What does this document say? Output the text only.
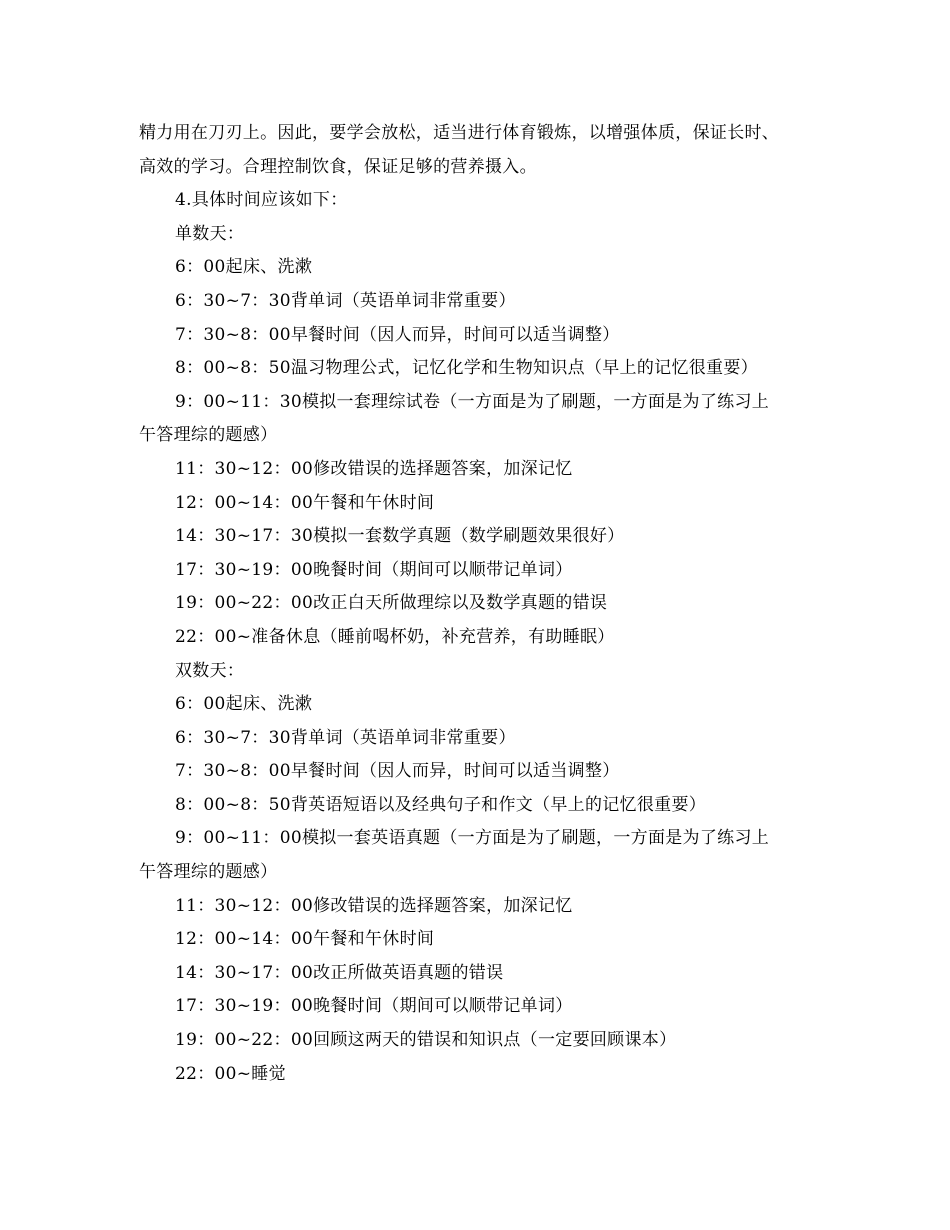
精力用在刀刃上。因此，要学会放松，适当进行体育锻炼，以增强体质，保证长时、
高效的学习。合理控制饮食，保证足够的营养摄入。
4.具体时间应该如下：
单数天：
6：00起床、洗漱
6：30~7：30背单词（英语单词非常重要）
7：30~8：00早餐时间（因人而异，时间可以适当调整）
8：00~8：50温习物理公式，记忆化学和生物知识点（早上的记忆很重要）
9：00~11：30模拟一套理综试卷（一方面是为了刷题，一方面是为了练习上
午答理综的题感）
11：30~12：00修改错误的选择题答案，加深记忆
12：00~14：00午餐和午休时间
14：30~17：30模拟一套数学真题（数学刷题效果很好）
17：30~19：00晚餐时间（期间可以顺带记单词）
19：00~22：00改正白天所做理综以及数学真题的错误
22：00~准备休息（睡前喝杯奶，补充营养，有助睡眠）
双数天：
6：00起床、洗漱
6：30~7：30背单词（英语单词非常重要）
7：30~8：00早餐时间（因人而异，时间可以适当调整）
8：00~8：50背英语短语以及经典句子和作文（早上的记忆很重要）
9：00~11：00模拟一套英语真题（一方面是为了刷题，一方面是为了练习上
午答理综的题感）
11：30~12：00修改错误的选择题答案，加深记忆
12：00~14：00午餐和午休时间
14：30~17：00改正所做英语真题的错误
17：30~19：00晚餐时间（期间可以顺带记单词）
19：00~22：00回顾这两天的错误和知识点（一定要回顾课本）
22：00~睡觉
